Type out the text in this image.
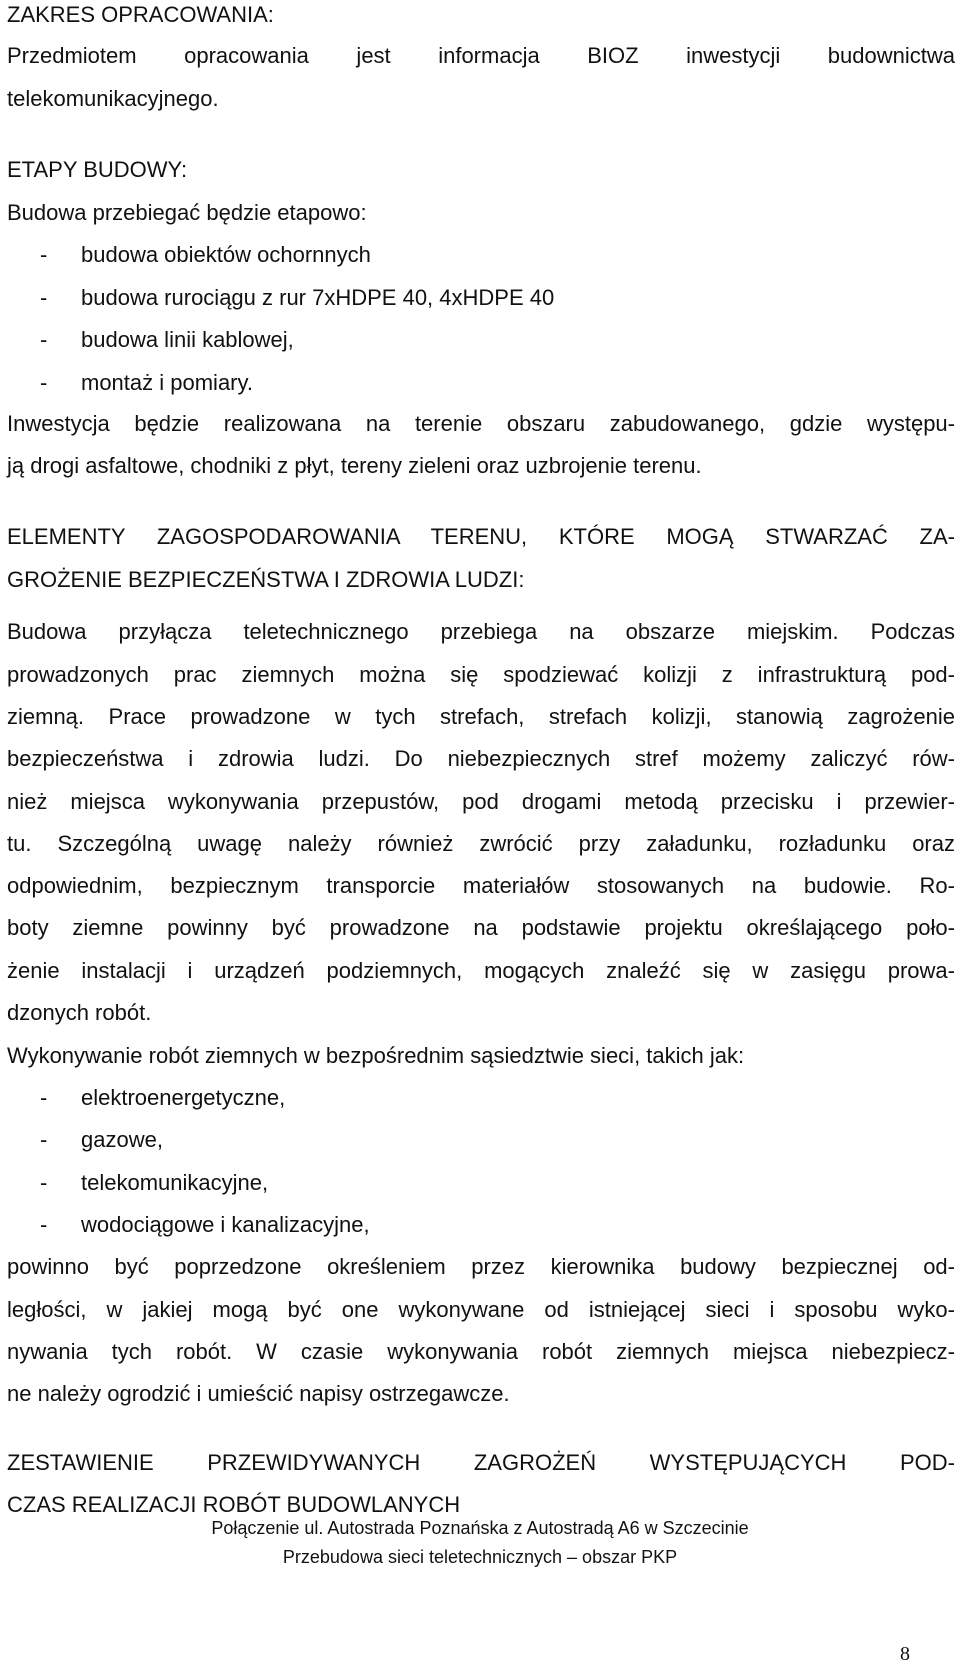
ZAKRES OPRACOWANIA:
Przedmiotem opracowania jest informacja BIOZ inwestycji budownictwa
telekomunikacyjnego.
ETAPY BUDOWY:
Budowa przebiegać będzie etapowo:
- budowa obiektów ochornnych
- budowa rurociągu z rur 7xHDPE 40, 4xHDPE 40
- budowa linii kablowej,
- montaż i pomiary.
Inwestycja będzie realizowana na terenie obszaru zabudowanego, gdzie występu-
ją drogi asfaltowe, chodniki z płyt, tereny zieleni oraz uzbrojenie terenu.
ELEMENTY ZAGOSPODAROWANIA TERENU, KTÓRE MOGĄ STWARZAĆ ZA-
GROŻENIE BEZPIECZEŃSTWA I ZDROWIA LUDZI:
Budowa przyłącza teletechnicznego przebiega na obszarze miejskim. Podczas
prowadzonych prac ziemnych można się spodziewać kolizji z infrastrukturą pod-
ziemną. Prace prowadzone w tych strefach, strefach kolizji, stanowią zagrożenie
bezpieczeństwa i zdrowia ludzi. Do niebezpiecznych stref możemy zaliczyć rów-
nież miejsca wykonywania przepustów, pod drogami metodą przecisku i przewier-
tu. Szczególną uwagę należy również zwrócić przy załadunku, rozładunku oraz
odpowiednim, bezpiecznym transporcie materiałów stosowanych na budowie. Ro-
boty ziemne powinny być prowadzone na podstawie projektu określającego poło-
żenie instalacji i urządzeń podziemnych, mogących znaleźć się w zasięgu prowa-
dzonych robót.
Wykonywanie robót ziemnych w bezpośrednim sąsiedztwie sieci, takich jak:
- elektroenergetyczne,
- gazowe,
- telekomunikacyjne,
- wodociągowe i kanalizacyjne,
powinno być poprzedzone określeniem przez kierownika budowy bezpiecznej od-
ległości, w jakiej mogą być one wykonywane od istniejącej sieci i sposobu wyko-
nywania tych robót. W czasie wykonywania robót ziemnych miejsca niebezpiecz-
ne należy ogrodzić i umieścić napisy ostrzegawcze.
ZESTAWIENIE PRZEWIDYWANYCH ZAGROŻEŃ WYSTĘPUJĄCYCH POD-
CZAS REALIZACJI ROBÓT BUDOWLANYCH
Połączenie ul. Autostrada Poznańska z Autostradą A6 w Szczecinie
Przebudowa sieci teletechnicznych – obszar PKP
8
